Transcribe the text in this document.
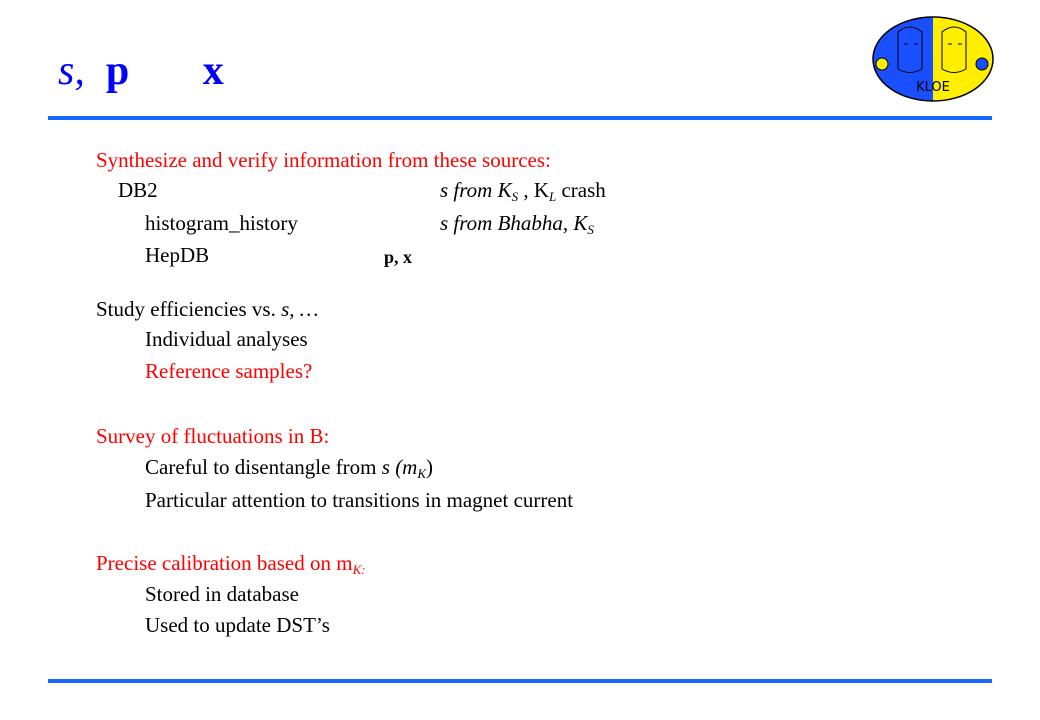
s,  p x	KLOE
Synthesize and verify information from these sources:
DB2	s from $K_S$ , $K_L$ crash
histogram_history	s from Bhabha, $K_S$
HepDB	p, x
Study efficiencies vs. s, …
Individual analyses
Reference samples?
Survey of fluctuations in B:
Careful to disentangle from s $(m_K)$
Particular attention to transitions in magnet current
Precise calibration based on $m_{K:}$
Stored in database
Used to update DST’s
